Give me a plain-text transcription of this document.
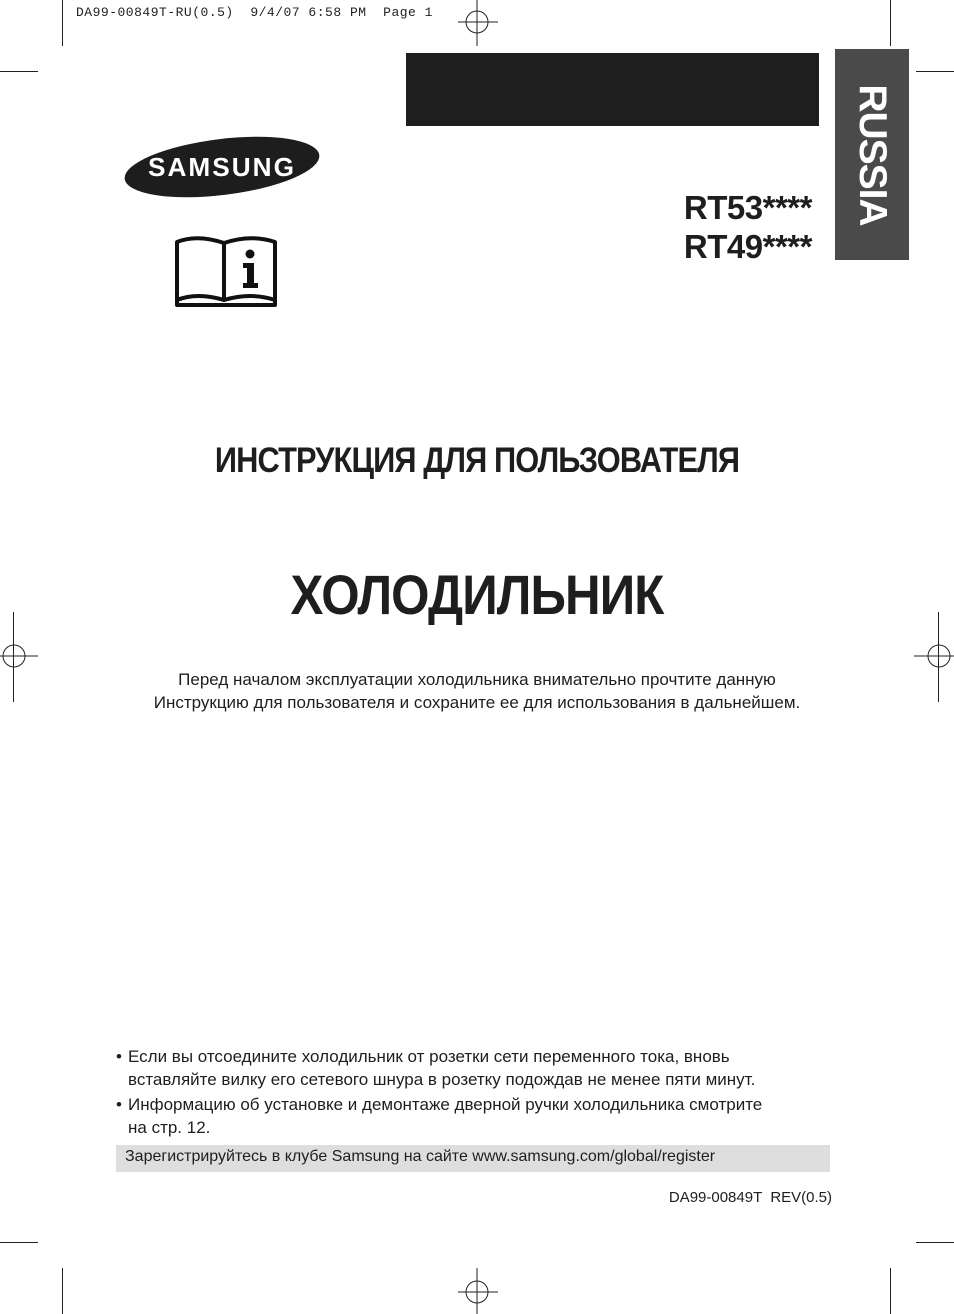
DA99-00849T-RU(0.5)  9/4/07 6:58 PM  Page 1
RUSSIA
SAMSUNG
RT53****
RT49****
ИНСТРУКЦИЯ ДЛЯ ПОЛЬЗОВАТЕЛЯ
ХОЛОДИЛЬНИК
Перед началом эксплуатации холодильника внимательно прочтите данную
Инструкцию для пользователя и сохраните ее для использования в дальнейшем.
• Если вы отсоедините холодильник от розетки сети переменного тока, вновь
вставляйте вилку его сетевого шнура в розетку подождав не менее пяти минут.
• Информацию об установке и демонтаже дверной ручки холодильника смотрите
на стр. 12.
Зарегистрируйтесь в клубе Samsung на сайте www.samsung.com/global/register
DA99-00849T  REV(0.5)
